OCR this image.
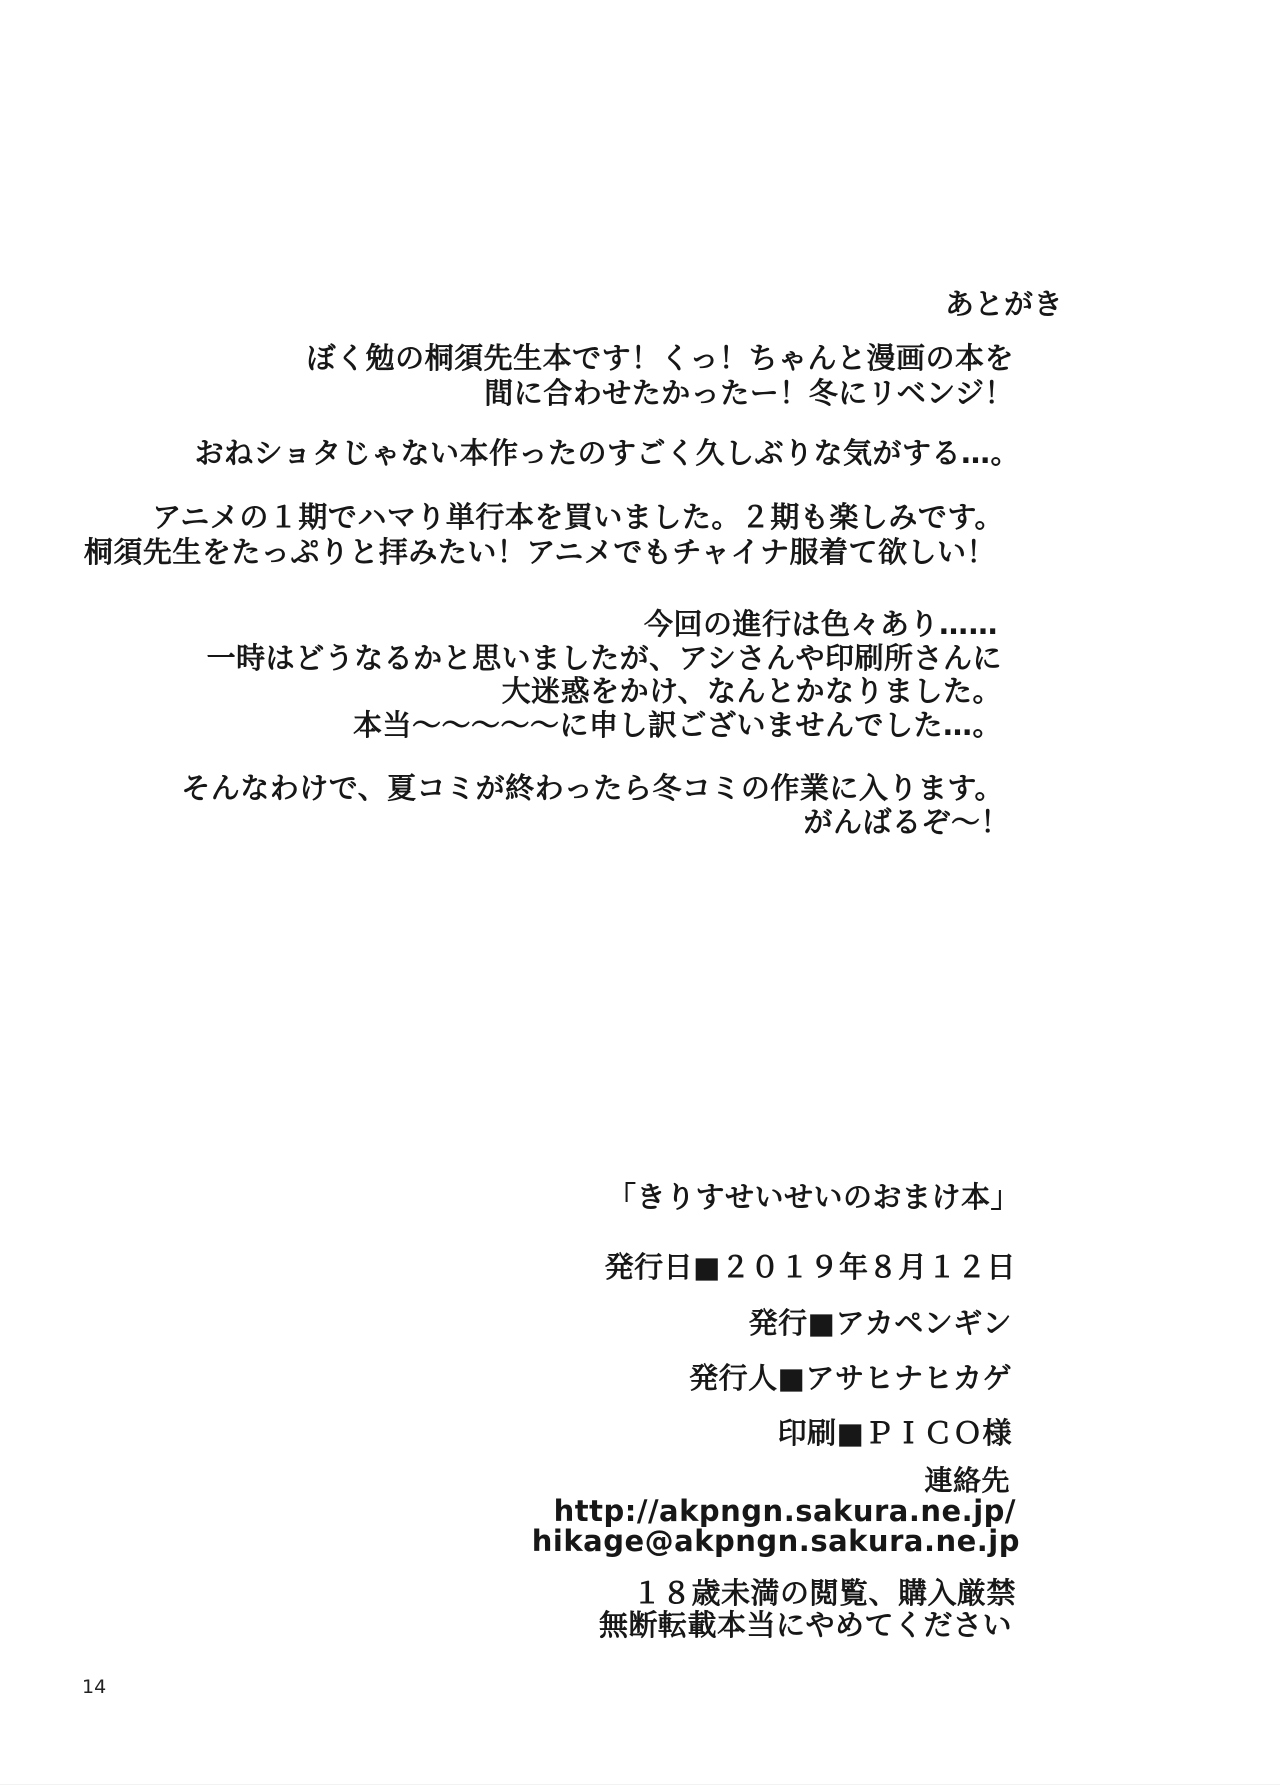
あとがき
ぼく勉の桐須先生本です！くっ！ちゃんと漫画の本を
間に合わせたかったー！冬にリベンジ！
おねショタじゃない本作ったのすごく久しぶりな気がする…。
アニメの１期でハマり単行本を買いました。２期も楽しみです。
桐須先生をたっぷりと拝みたい！アニメでもチャイナ服着て欲しい！
今回の進行は色々あり……
一時はどうなるかと思いましたが、アシさんや印刷所さんに
大迷惑をかけ、なんとかなりました。
本当～～～～～に申し訳ございませんでした…。
そんなわけで、夏コミが終わったら冬コミの作業に入ります。
がんばるぞ～！
「きりすせいせいのおまけ本」
発行日■２０１９年８月１２日
発行■アカペンギン
発行人■アサヒナヒカゲ
印刷■ＰＩＣＯ様
連絡先
http://akpngn.sakura.ne.jp/
hikage@akpngn.sakura.ne.jp
１８歳未満の閲覧、購入厳禁
無断転載本当にやめてください
14
